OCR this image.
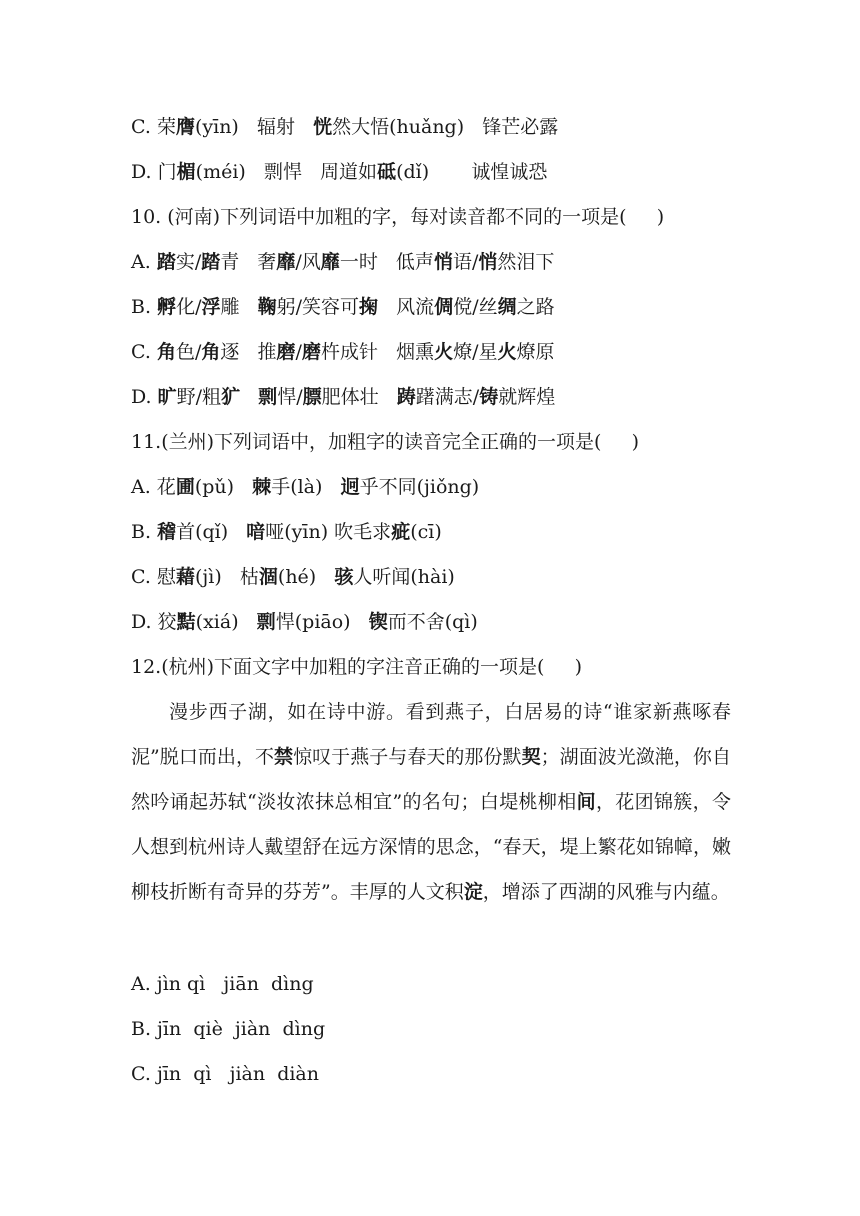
C. 荣膺(yīn)   辐射   恍然大悟(huǎng)   锋芒必露
D. 门楣(méi)   剽悍   周道如砥(dǐ)       诚惶诚恐
10. (河南)下列词语中加粗的字，每对读音都不同的一项是(     )
A. 踏实/踏青   奢靡/风靡一时   低声悄语/悄然泪下
B. 孵化/浮雕   鞠躬/笑容可掬   风流倜傥/丝绸之路
C. 角色/角逐   推磨/磨杵成针   烟熏火燎/星火燎原
D. 旷野/粗犷 剽悍/膘肥体壮   踌躇满志/铸就辉煌
11.(兰州)下列词语中，加粗字的读音完全正确的一项是(     )
A. 花圃(pǔ)   棘手(là)   迥乎不同(jiǒng)
B. 稽首(qǐ)   喑哑(yīn) 吹毛求疵(cī)
C. 慰藉(jì)   枯涸(hé)   骇人听闻(hài)
D. 狡黠(xiá)   剽悍(piāo)   锲而不舍(qì)
12.(杭州)下面文字中加粗的字注音正确的一项是(     )
漫步西子湖，如在诗中游。看到燕子，白居易的诗“谁家新燕啄春泥”脱口而出，不禁惊叹于燕子与春天的那份默契；湖面波光潋滟，你自然吟诵起苏轼“淡妆浓抹总相宜”的名句；白堤桃柳相间，花团锦簇，令人想到杭州诗人戴望舒在远方深情的思念，“春天，堤上繁花如锦幛，嫩柳枝折断有奇异的芬芳”。丰厚的人文积淀，增添了西湖的风雅与内蕴。
A. jìn qì   jiān  dìng
B. jīn  qiè  jiàn  dìng
C. jīn  qì   jiàn  diàn
